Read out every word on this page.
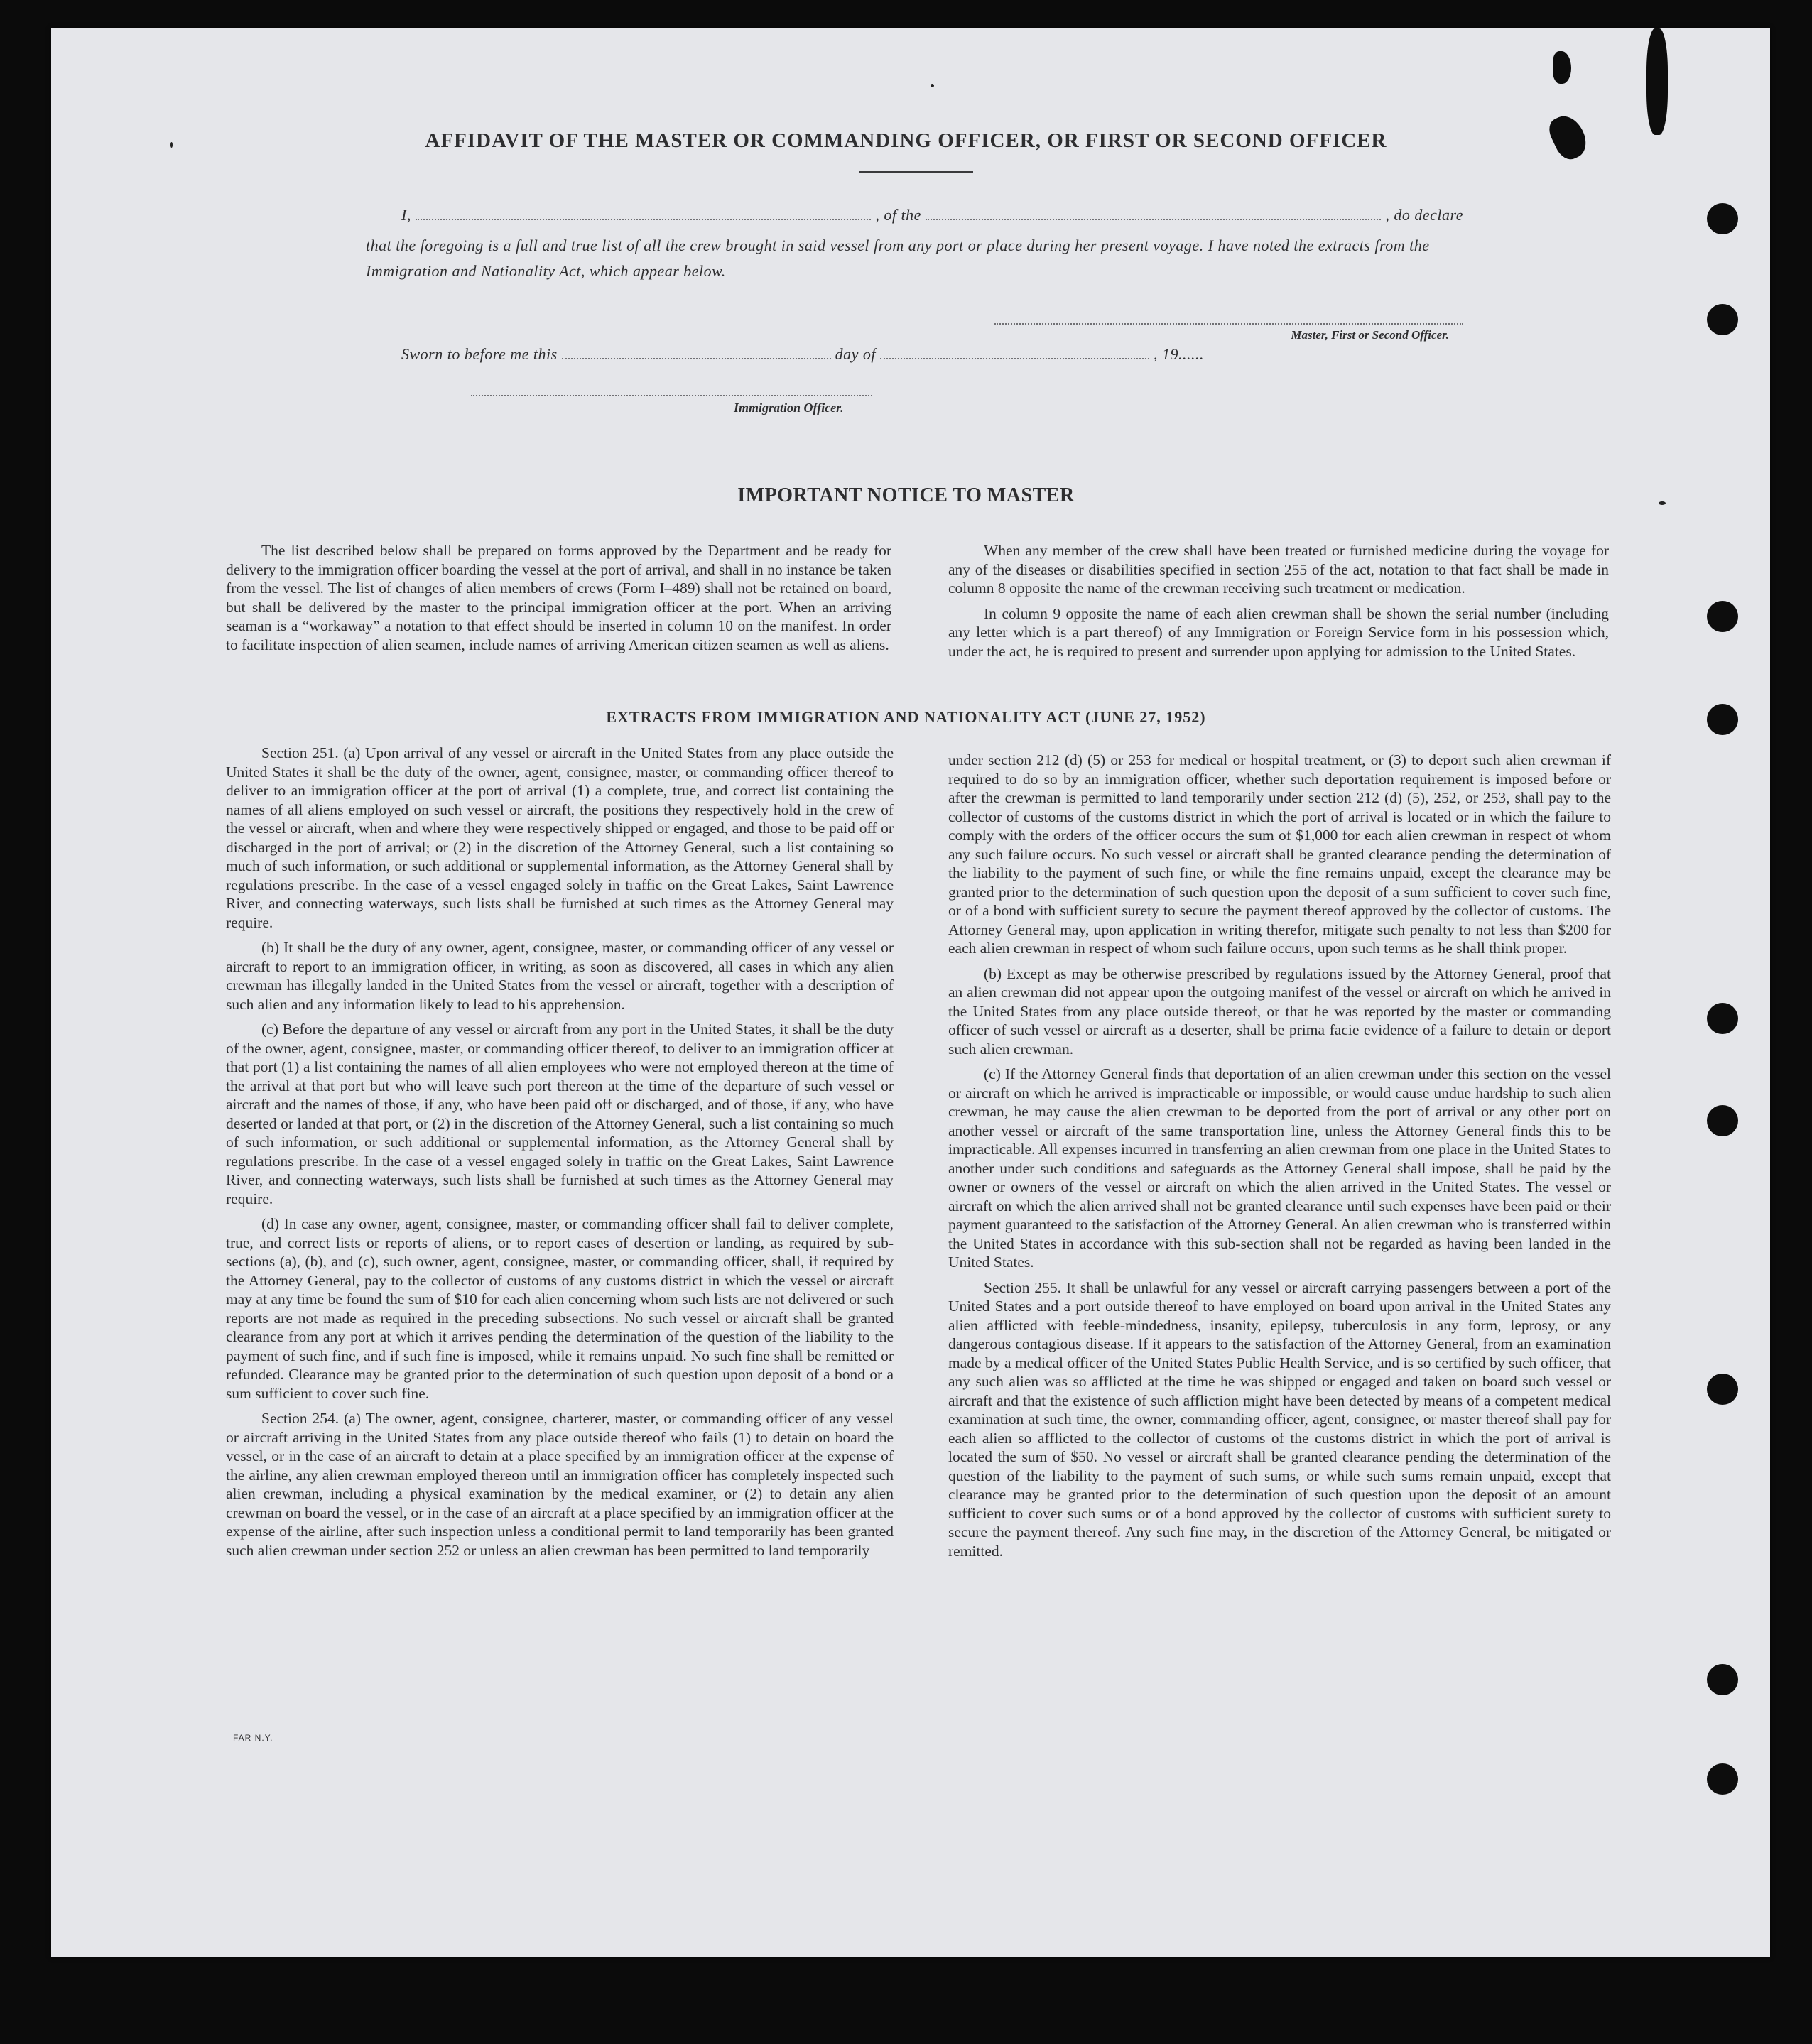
AFFIDAVIT OF THE MASTER OR COMMANDING OFFICER, OR FIRST OR SECOND OFFICER
I,	, of the	, do declare
that the foregoing is a full and true list of all the crew brought in said vessel from any port or place during her present voyage. I have noted the extracts from the Immigration and Nationality Act, which appear below.
Master, First or Second Officer.
Sworn to before me this	day of	, 19......
Immigration Officer.
IMPORTANT NOTICE TO MASTER

The list described below shall be prepared on forms approved by the Department and be ready for delivery to the immigration officer boarding the vessel at the port of arrival, and shall in no instance be taken from the vessel. The list of changes of alien members of crews (Form I–489) shall not be retained on board, but shall be delivered by the master to the principal immigration officer at the port. When an arriving seaman is a “workaway” a notation to that effect should be inserted in column 10 on the manifest. In order to facilitate inspection of alien seamen, include names of arriving American citizen seamen as well as aliens.

When any member of the crew shall have been treated or furnished medicine during the voyage for any of the diseases or disabilities specified in section 255 of the act, notation to that fact shall be made in column 8 opposite the name of the crewman receiving such treatment or medication.

In column 9 opposite the name of each alien crewman shall be shown the serial number (including any letter which is a part thereof) of any Immigration or Foreign Service form in his possession which, under the act, he is required to present and surrender upon applying for admission to the United States.

EXTRACTS FROM IMMIGRATION AND NATIONALITY ACT (JUNE 27, 1952)

Section 251. (a) Upon arrival of any vessel or aircraft in the United States from any place outside the United States it shall be the duty of the owner, agent, consignee, master, or commanding officer thereof to deliver to an immigration officer at the port of arrival (1) a complete, true, and correct list containing the names of all aliens employed on such vessel or aircraft, the positions they respectively hold in the crew of the vessel or aircraft, when and where they were respectively shipped or engaged, and those to be paid off or discharged in the port of arrival; or (2) in the discretion of the Attorney General, such a list containing so much of such information, or such additional or supplemental information, as the Attorney General shall by regulations prescribe. In the case of a vessel engaged solely in traffic on the Great Lakes, Saint Lawrence River, and connecting waterways, such lists shall be furnished at such times as the Attorney General may require.

(b) It shall be the duty of any owner, agent, consignee, master, or commanding officer of any vessel or aircraft to report to an immigration officer, in writing, as soon as discovered, all cases in which any alien crewman has illegally landed in the United States from the vessel or aircraft, together with a description of such alien and any information likely to lead to his apprehension.

(c) Before the departure of any vessel or aircraft from any port in the United States, it shall be the duty of the owner, agent, consignee, master, or commanding officer thereof, to deliver to an immigration officer at that port (1) a list containing the names of all alien employees who were not employed thereon at the time of the arrival at that port but who will leave such port thereon at the time of the departure of such vessel or aircraft and the names of those, if any, who have been paid off or discharged, and of those, if any, who have deserted or landed at that port, or (2) in the discretion of the Attorney General, such a list containing so much of such information, or such additional or supplemental information, as the Attorney General shall by regulations prescribe. In the case of a vessel engaged solely in traffic on the Great Lakes, Saint Lawrence River, and connecting waterways, such lists shall be furnished at such times as the Attorney General may require.

(d) In case any owner, agent, consignee, master, or commanding officer shall fail to deliver complete, true, and correct lists or reports of aliens, or to report cases of desertion or landing, as required by sub-sections (a), (b), and (c), such owner, agent, consignee, master, or commanding officer, shall, if required by the Attorney General, pay to the collector of customs of any customs district in which the vessel or aircraft may at any time be found the sum of $10 for each alien concerning whom such lists are not delivered or such reports are not made as required in the preceding subsections. No such vessel or aircraft shall be granted clearance from any port at which it arrives pending the determination of the question of the liability to the payment of such fine, and if such fine is imposed, while it remains unpaid. No such fine shall be remitted or refunded. Clearance may be granted prior to the determination of such question upon deposit of a bond or a sum sufficient to cover such fine.

Section 254. (a) The owner, agent, consignee, charterer, master, or commanding officer of any vessel or aircraft arriving in the United States from any place outside thereof who fails (1) to detain on board the vessel, or in the case of an aircraft to detain at a place specified by an immigration officer at the expense of the airline, any alien crewman employed thereon until an immigration officer has completely inspected such alien crewman, including a physical examination by the medical examiner, or (2) to detain any alien crewman on board the vessel, or in the case of an aircraft at a place specified by an immigration officer at the expense of the airline, after such inspection unless a conditional permit to land temporarily has been granted such alien crewman under section 252 or unless an alien crewman has been permitted to land temporarily

under section 212 (d) (5) or 253 for medical or hospital treatment, or (3) to deport such alien crewman if required to do so by an immigration officer, whether such deportation requirement is imposed before or after the crewman is permitted to land temporarily under section 212 (d) (5), 252, or 253, shall pay to the collector of customs of the customs district in which the port of arrival is located or in which the failure to comply with the orders of the officer occurs the sum of $1,000 for each alien crewman in respect of whom any such failure occurs. No such vessel or aircraft shall be granted clearance pending the determination of the liability to the payment of such fine, or while the fine remains unpaid, except the clearance may be granted prior to the determination of such question upon the deposit of a sum sufficient to cover such fine, or of a bond with sufficient surety to secure the payment thereof approved by the collector of customs. The Attorney General may, upon application in writing therefor, mitigate such penalty to not less than $200 for each alien crewman in respect of whom such failure occurs, upon such terms as he shall think proper.

(b) Except as may be otherwise prescribed by regulations issued by the Attorney General, proof that an alien crewman did not appear upon the outgoing manifest of the vessel or aircraft on which he arrived in the United States from any place outside thereof, or that he was reported by the master or commanding officer of such vessel or aircraft as a deserter, shall be prima facie evidence of a failure to detain or deport such alien crewman.

(c) If the Attorney General finds that deportation of an alien crewman under this section on the vessel or aircraft on which he arrived is impracticable or impossible, or would cause undue hardship to such alien crewman, he may cause the alien crewman to be deported from the port of arrival or any other port on another vessel or aircraft of the same transportation line, unless the Attorney General finds this to be impracticable. All expenses incurred in transferring an alien crewman from one place in the United States to another under such conditions and safeguards as the Attorney General shall impose, shall be paid by the owner or owners of the vessel or aircraft on which the alien arrived in the United States. The vessel or aircraft on which the alien arrived shall not be granted clearance until such expenses have been paid or their payment guaranteed to the satisfaction of the Attorney General. An alien crewman who is transferred within the United States in accordance with this sub-section shall not be regarded as having been landed in the United States.

Section 255. It shall be unlawful for any vessel or aircraft carrying passengers between a port of the United States and a port outside thereof to have employed on board upon arrival in the United States any alien afflicted with feeble-mindedness, insanity, epilepsy, tuberculosis in any form, leprosy, or any dangerous contagious disease. If it appears to the satisfaction of the Attorney General, from an examination made by a medical officer of the United States Public Health Service, and is so certified by such officer, that any such alien was so afflicted at the time he was shipped or engaged and taken on board such vessel or aircraft and that the existence of such affliction might have been detected by means of a competent medical examination at such time, the owner, commanding officer, agent, consignee, or master thereof shall pay for each alien so afflicted to the collector of customs of the customs district in which the port of arrival is located the sum of $50. No vessel or aircraft shall be granted clearance pending the determination of the question of the liability to the payment of such sums, or while such sums remain unpaid, except that clearance may be granted prior to the determination of such question upon the deposit of an amount sufficient to cover such sums or of a bond approved by the collector of customs with sufficient surety to secure the payment thereof. Any such fine may, in the discretion of the Attorney General, be mitigated or remitted.

FAR N.Y.
